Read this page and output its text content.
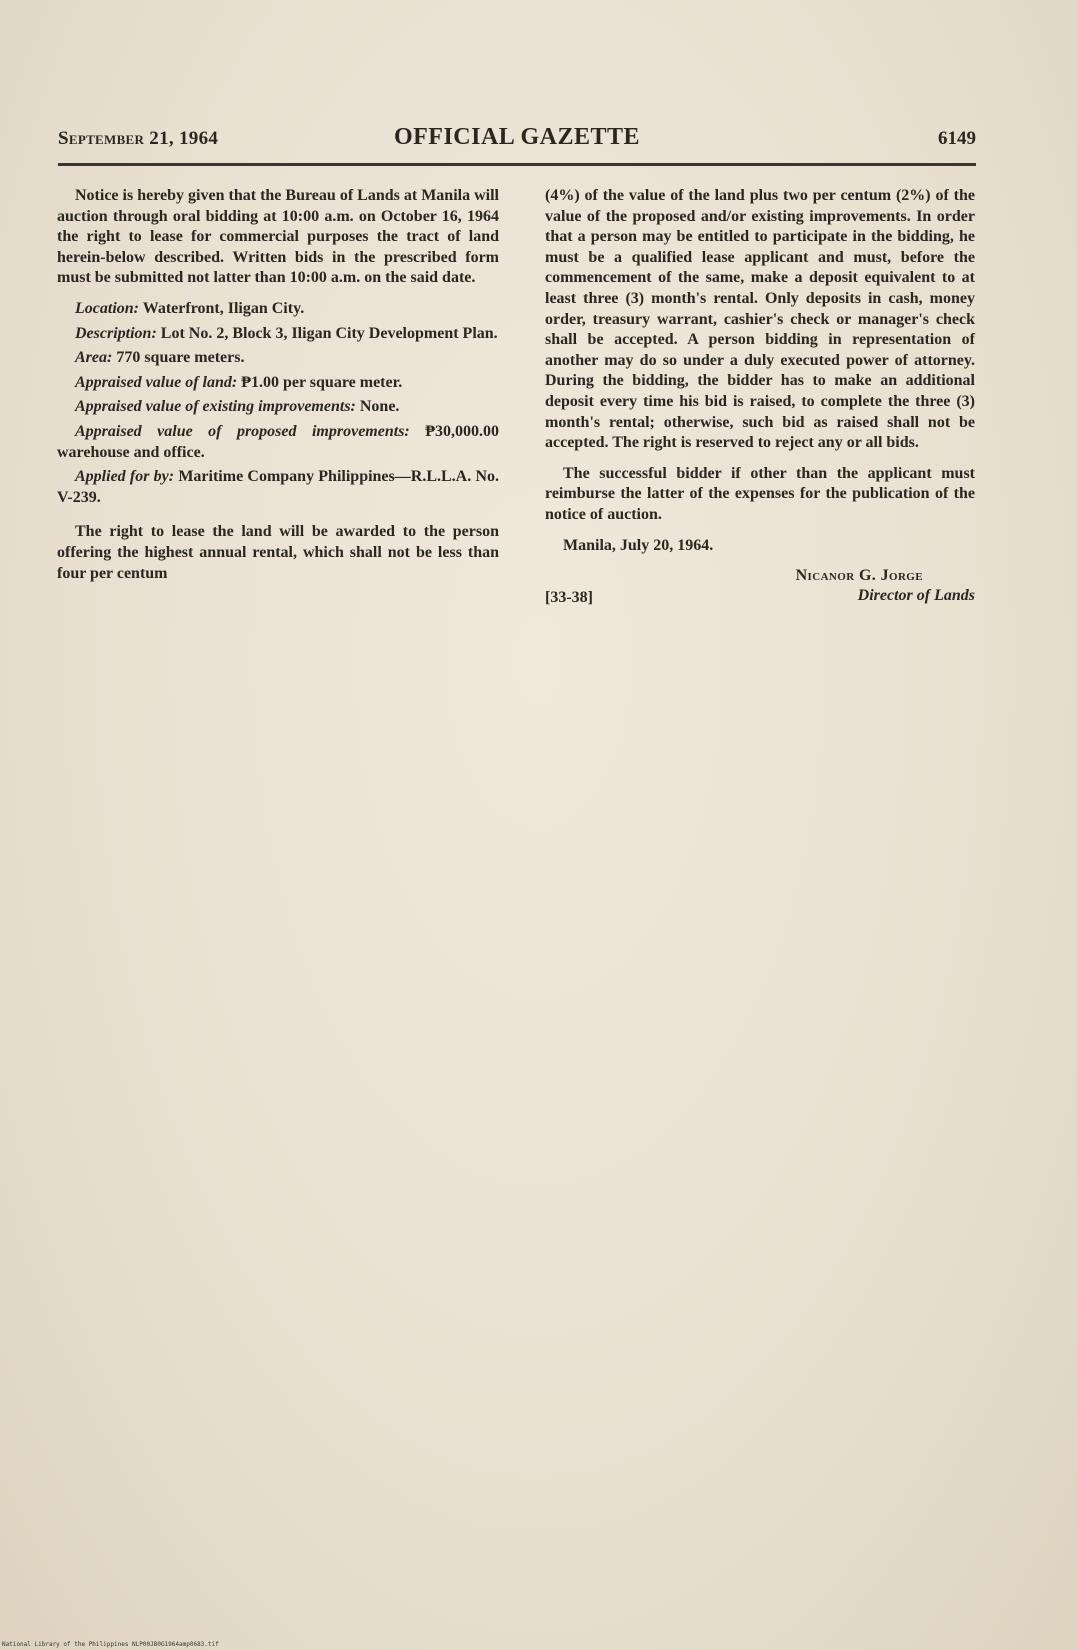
September 21, 1964	OFFICIAL GAZETTE	6149

Notice is hereby given that the Bureau of Lands at Manila will auction through oral bidding at 10:00 a.m. on October 16, 1964 the right to lease for commercial purposes the tract of land herein-below described. Written bids in the prescribed form must be submitted not latter than 10:00 a.m. on the said date.

Location: Waterfront, Iligan City.

Description: Lot No. 2, Block 3, Iligan City Development Plan.

Area: 770 square meters.

Appraised value of land: ₱1.00 per square meter.

Appraised value of existing improvements: None.

Appraised value of proposed improvements: ₱30,000.00 warehouse and office.

Applied for by: Maritime Company Philippines—R.L.L.A. No. V-239.

The right to lease the land will be awarded to the person offering the highest annual rental, which shall not be less than four per centum

(4%) of the value of the land plus two per centum (2%) of the value of the proposed and/or existing improvements. In order that a person may be entitled to participate in the bidding, he must be a qualified lease applicant and must, before the commencement of the same, make a deposit equivalent to at least three (3) month's rental. Only deposits in cash, money order, treasury warrant, cashier's check or manager's check shall be accepted. A person bidding in representation of another may do so under a duly executed power of attorney. During the bidding, the bidder has to make an additional deposit every time his bid is raised, to complete the three (3) month's rental; otherwise, such bid as raised shall not be accepted. The right is reserved to reject any or all bids.

The successful bidder if other than the applicant must reimburse the latter of the expenses for the publication of the notice of auction.

Manila, July 20, 1964.

Nicanor G. Jorge
[33-38]	Director of Lands
National Library of the Philippines NLP00JB0G1964amp0683.tif
